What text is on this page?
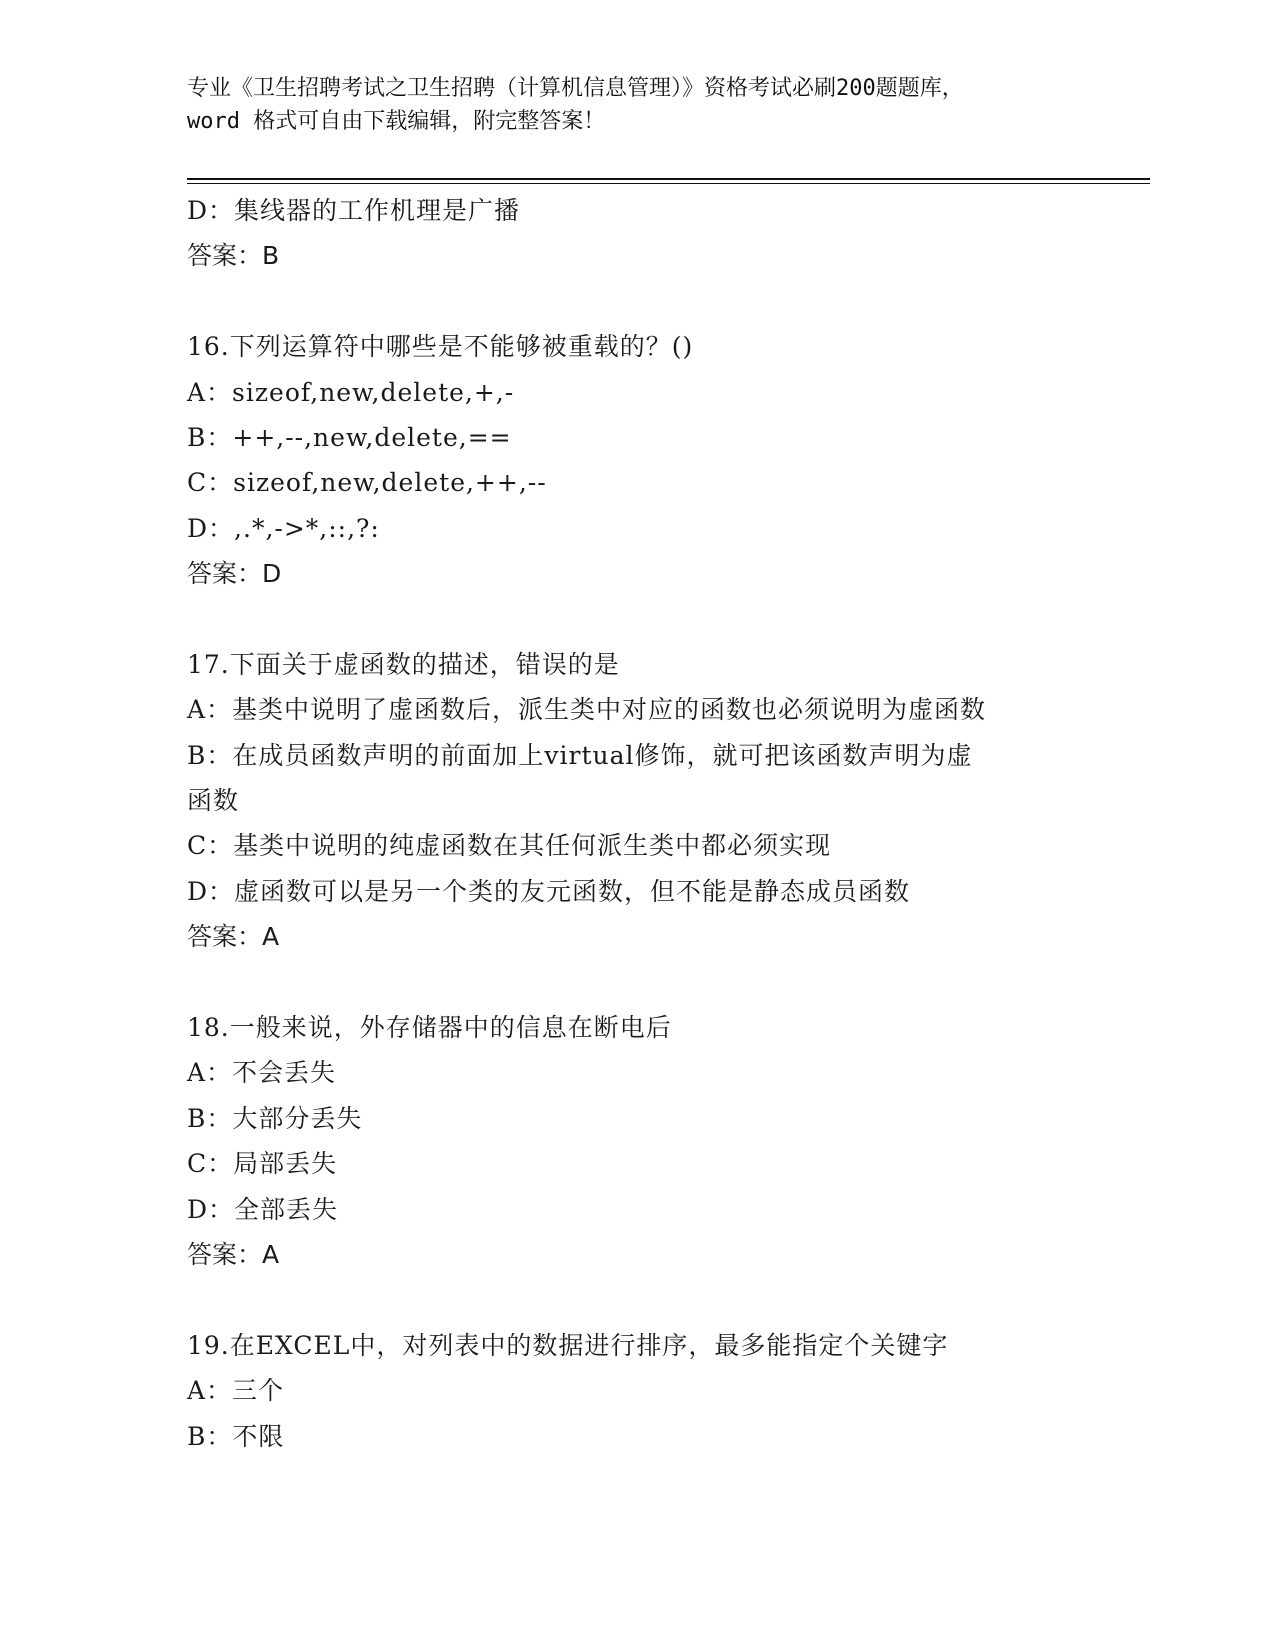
专业《卫生招聘考试之卫生招聘（计算机信息管理）》资格考试必刷200题题库，
word 格式可自由下载编辑，附完整答案！
D：集线器的工作机理是广播
答案：B
16.下列运算符中哪些是不能够被重载的？()
A：sizeof,new,delete,+,-
B：++,--,new,delete,==
C：sizeof,new,delete,++,--
D：,.*,->*,::,?:
答案：D
17.下面关于虚函数的描述，错误的是
A：基类中说明了虚函数后，派生类中对应的函数也必须说明为虚函数
B：在成员函数声明的前面加上virtual修饰，就可把该函数声明为虚
函数
C：基类中说明的纯虚函数在其任何派生类中都必须实现
D：虚函数可以是另一个类的友元函数，但不能是静态成员函数
答案：A
18.一般来说，外存储器中的信息在断电后
A：不会丢失
B：大部分丢失
C：局部丢失
D：全部丢失
答案：A
19.在EXCEL中，对列表中的数据进行排序，最多能指定个关键字
A：三个
B：不限
